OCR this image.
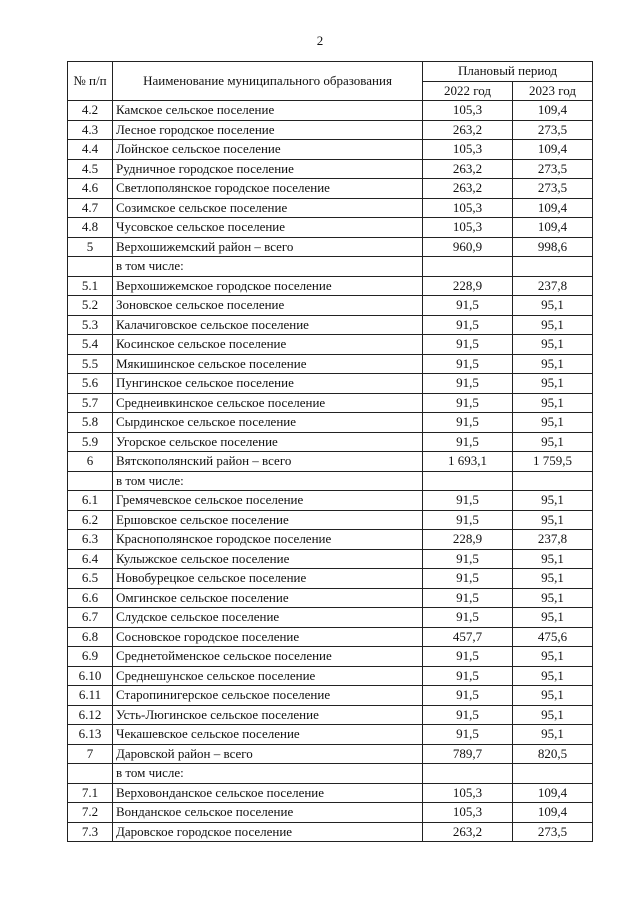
2
№ п/п	Наименование муниципального образования	Плановый период	
		2022 год	2023 год
4.2	Камское сельское поселение	105,3	109,4
4.3	Лесное городское поселение	263,2	273,5
4.4	Лойнское сельское поселение	105,3	109,4
4.5	Рудничное городское поселение	263,2	273,5
4.6	Светлополянское городское поселение	263,2	273,5
4.7	Созимское сельское поселение	105,3	109,4
4.8	Чусовское сельское поселение	105,3	109,4
5	Верхошижемский район – всего	960,9	998,6
	в том числе:		
5.1	Верхошижемское городское поселение	228,9	237,8
5.2	Зоновское сельское поселение	91,5	95,1
5.3	Калачиговское сельское поселение	91,5	95,1
5.4	Косинское сельское поселение	91,5	95,1
5.5	Мякишинское сельское поселение	91,5	95,1
5.6	Пунгинское сельское поселение	91,5	95,1
5.7	Среднеивкинское сельское поселение	91,5	95,1
5.8	Сырдинское сельское поселение	91,5	95,1
5.9	Угорское сельское поселение	91,5	95,1
6	Вятскополянский район – всего	1 693,1	1 759,5
	в том числе:		
6.1	Гремячевское сельское поселение	91,5	95,1
6.2	Ершовское сельское поселение	91,5	95,1
6.3	Краснополянское городское поселение	228,9	237,8
6.4	Кулыжское сельское поселение	91,5	95,1
6.5	Новобурецкое сельское поселение	91,5	95,1
6.6	Омгинское сельское поселение	91,5	95,1
6.7	Слудское сельское поселение	91,5	95,1
6.8	Сосновское городское поселение	457,7	475,6
6.9	Среднетойменское сельское поселение	91,5	95,1
6.10	Среднешунское сельское поселение	91,5	95,1
6.11	Старопинигерское сельское поселение	91,5	95,1
6.12	Усть-Люгинское сельское поселение	91,5	95,1
6.13	Чекашевское сельское поселение	91,5	95,1
7	Даровской район – всего	789,7	820,5
	в том числе:		
7.1	Верховонданское сельское поселение	105,3	109,4
7.2	Вонданское сельское поселение	105,3	109,4
7.3	Даровское городское поселение	263,2	273,5
